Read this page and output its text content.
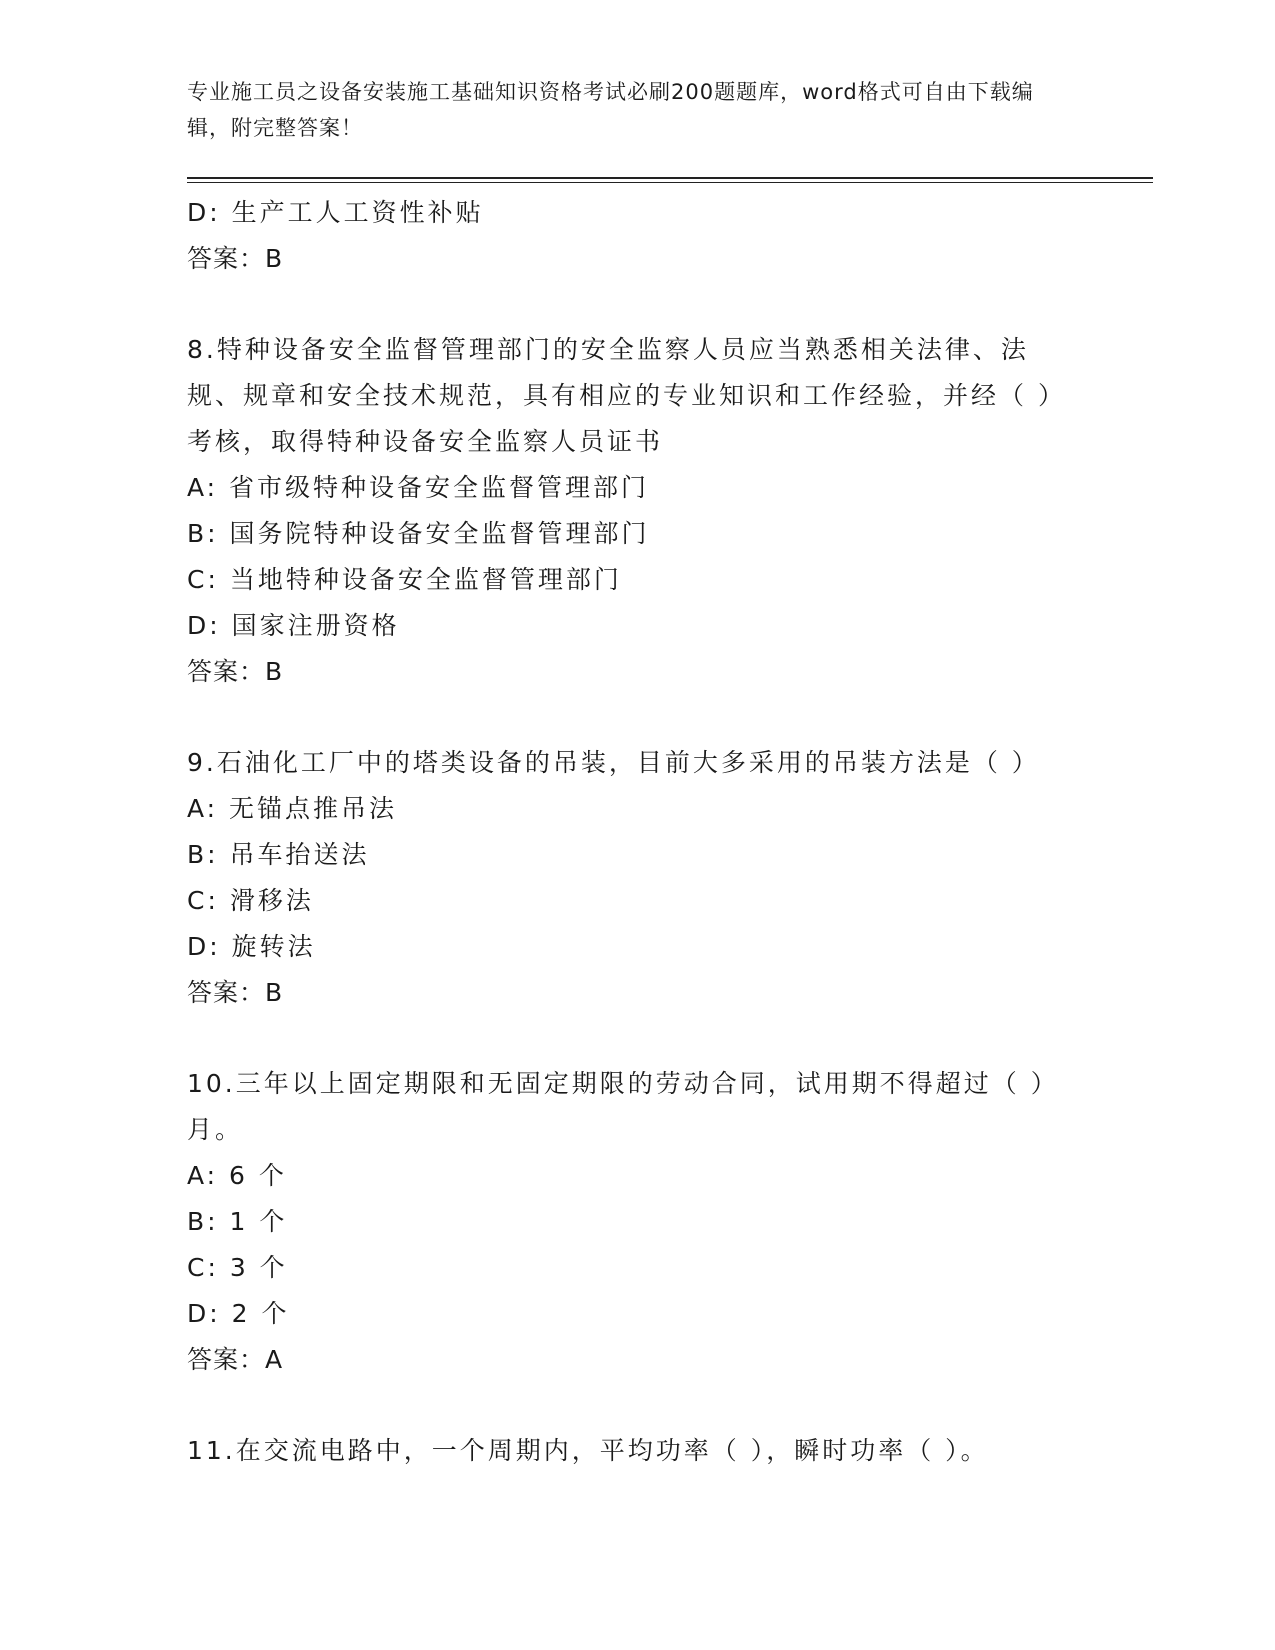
专业施工员之设备安装施工基础知识资格考试必刷200题题库，word格式可自由下载编辑，附完整答案！
D: 生产工人工资性补贴
答案：B
8.特种设备安全监督管理部门的安全监察人员应当熟悉相关法律、法规、规章和安全技术规范，具有相应的专业知识和工作经验，并经（ ）考核，取得特种设备安全监察人员证书
A: 省市级特种设备安全监督管理部门
B: 国务院特种设备安全监督管理部门
C: 当地特种设备安全监督管理部门
D: 国家注册资格
答案：B
9.石油化工厂中的塔类设备的吊装，目前大多采用的吊装方法是（ ）
A: 无锚点推吊法
B: 吊车抬送法
C: 滑移法
D: 旋转法
答案：B
10.三年以上固定期限和无固定期限的劳动合同，试用期不得超过（ ）月。
A: 6 个
B: 1 个
C: 3 个
D: 2 个
答案：A
11.在交流电路中，一个周期内，平均功率（ ），瞬时功率（ ）。
